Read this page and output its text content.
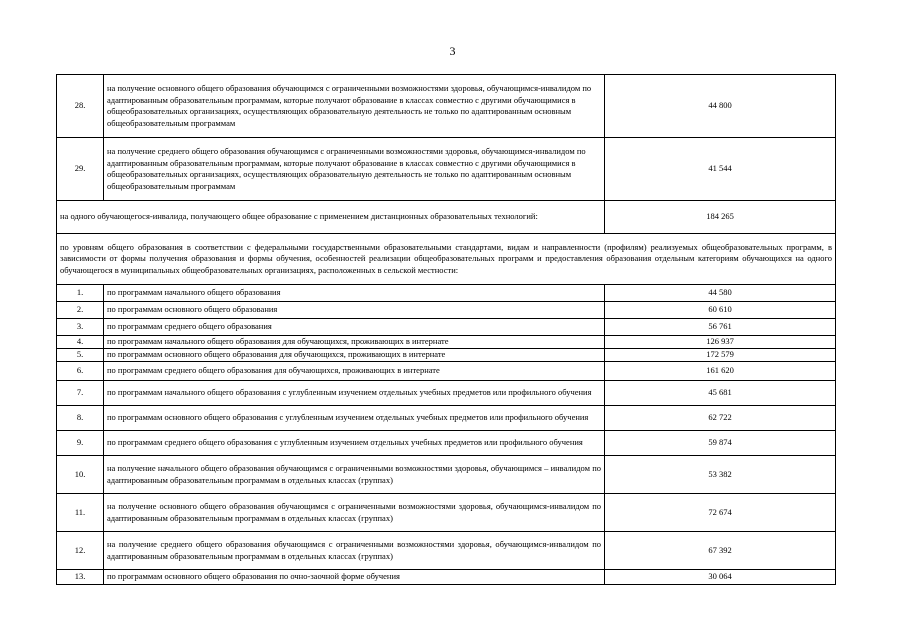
3
28.	на получение основного общего образования обучающимся с ограниченными возможностями здоровья, обучающимся-инвалидом по адаптированным образовательным программам, которые получают образование в классах совместно с другими обучающимися в общеобразовательных организациях, осуществляющих образовательную деятельность не только по адаптированным основным общеобразовательным программам	44 800
29.	на получение среднего общего образования обучающимся с ограниченными возможностями здоровья, обучающимся-инвалидом по адаптированным образовательным программам, которые получают образование в классах совместно с другими обучающимися в общеобразовательных организациях, осуществляющих образовательную деятельность не только по адаптированным основным общеобразовательным программам	41 544
на одного обучающегося-инвалида, получающего общее образование с применением дистанционных образовательных технологий:		184 265
по уровням общего образования в соответствии с федеральными государственными образовательными стандартами, видам и направленности (профилям) реализуемых общеобразовательных программ, в зависимости от формы получения образования и формы обучения, особенностей реализации общеобразовательных программ и предоставления образования отдельным категориям обучающихся на одного обучающегося в муниципальных общеобразовательных организациях, расположенных в сельской местности:		
1.	по программам начального общего образования	44 580
2.	по программам основного общего образования	60 610
3.	по программам среднего общего образования	56 761
4.	по программам начального общего образования для обучающихся, проживающих в интернате	126 937
5.	по программам основного общего образования для обучающихся, проживающих в интернате	172 579
6.	по программам среднего общего образования для обучающихся, проживающих в интернате	161 620
7.	по программам начального общего образования с углубленным изучением отдельных учебных предметов или профильного обучения	45 681
8.	по программам основного общего образования с углубленным изучением отдельных учебных предметов или профильного обучения	62 722
9.	по программам среднего общего образования с углубленным изучением отдельных учебных предметов или профильного обучения	59 874
10.	на получение начального общего образования обучающимся с ограниченными возможностями здоровья, обучающимся – инвалидом по адаптированным образовательным программам в отдельных классах (группах)	53 382
11.	на получение основного общего образования обучающимся с ограниченными возможностями здоровья, обучающимся-инвалидом по адаптированным образовательным программам в отдельных классах (группах)	72 674
12.	на получение среднего общего образования обучающимся с ограниченными возможностями здоровья, обучающимся-инвалидом по адаптированным образовательным программам в отдельных классах (группах)	67 392
13.	по программам основного общего образования по очно-заочной форме обучения	30 064
